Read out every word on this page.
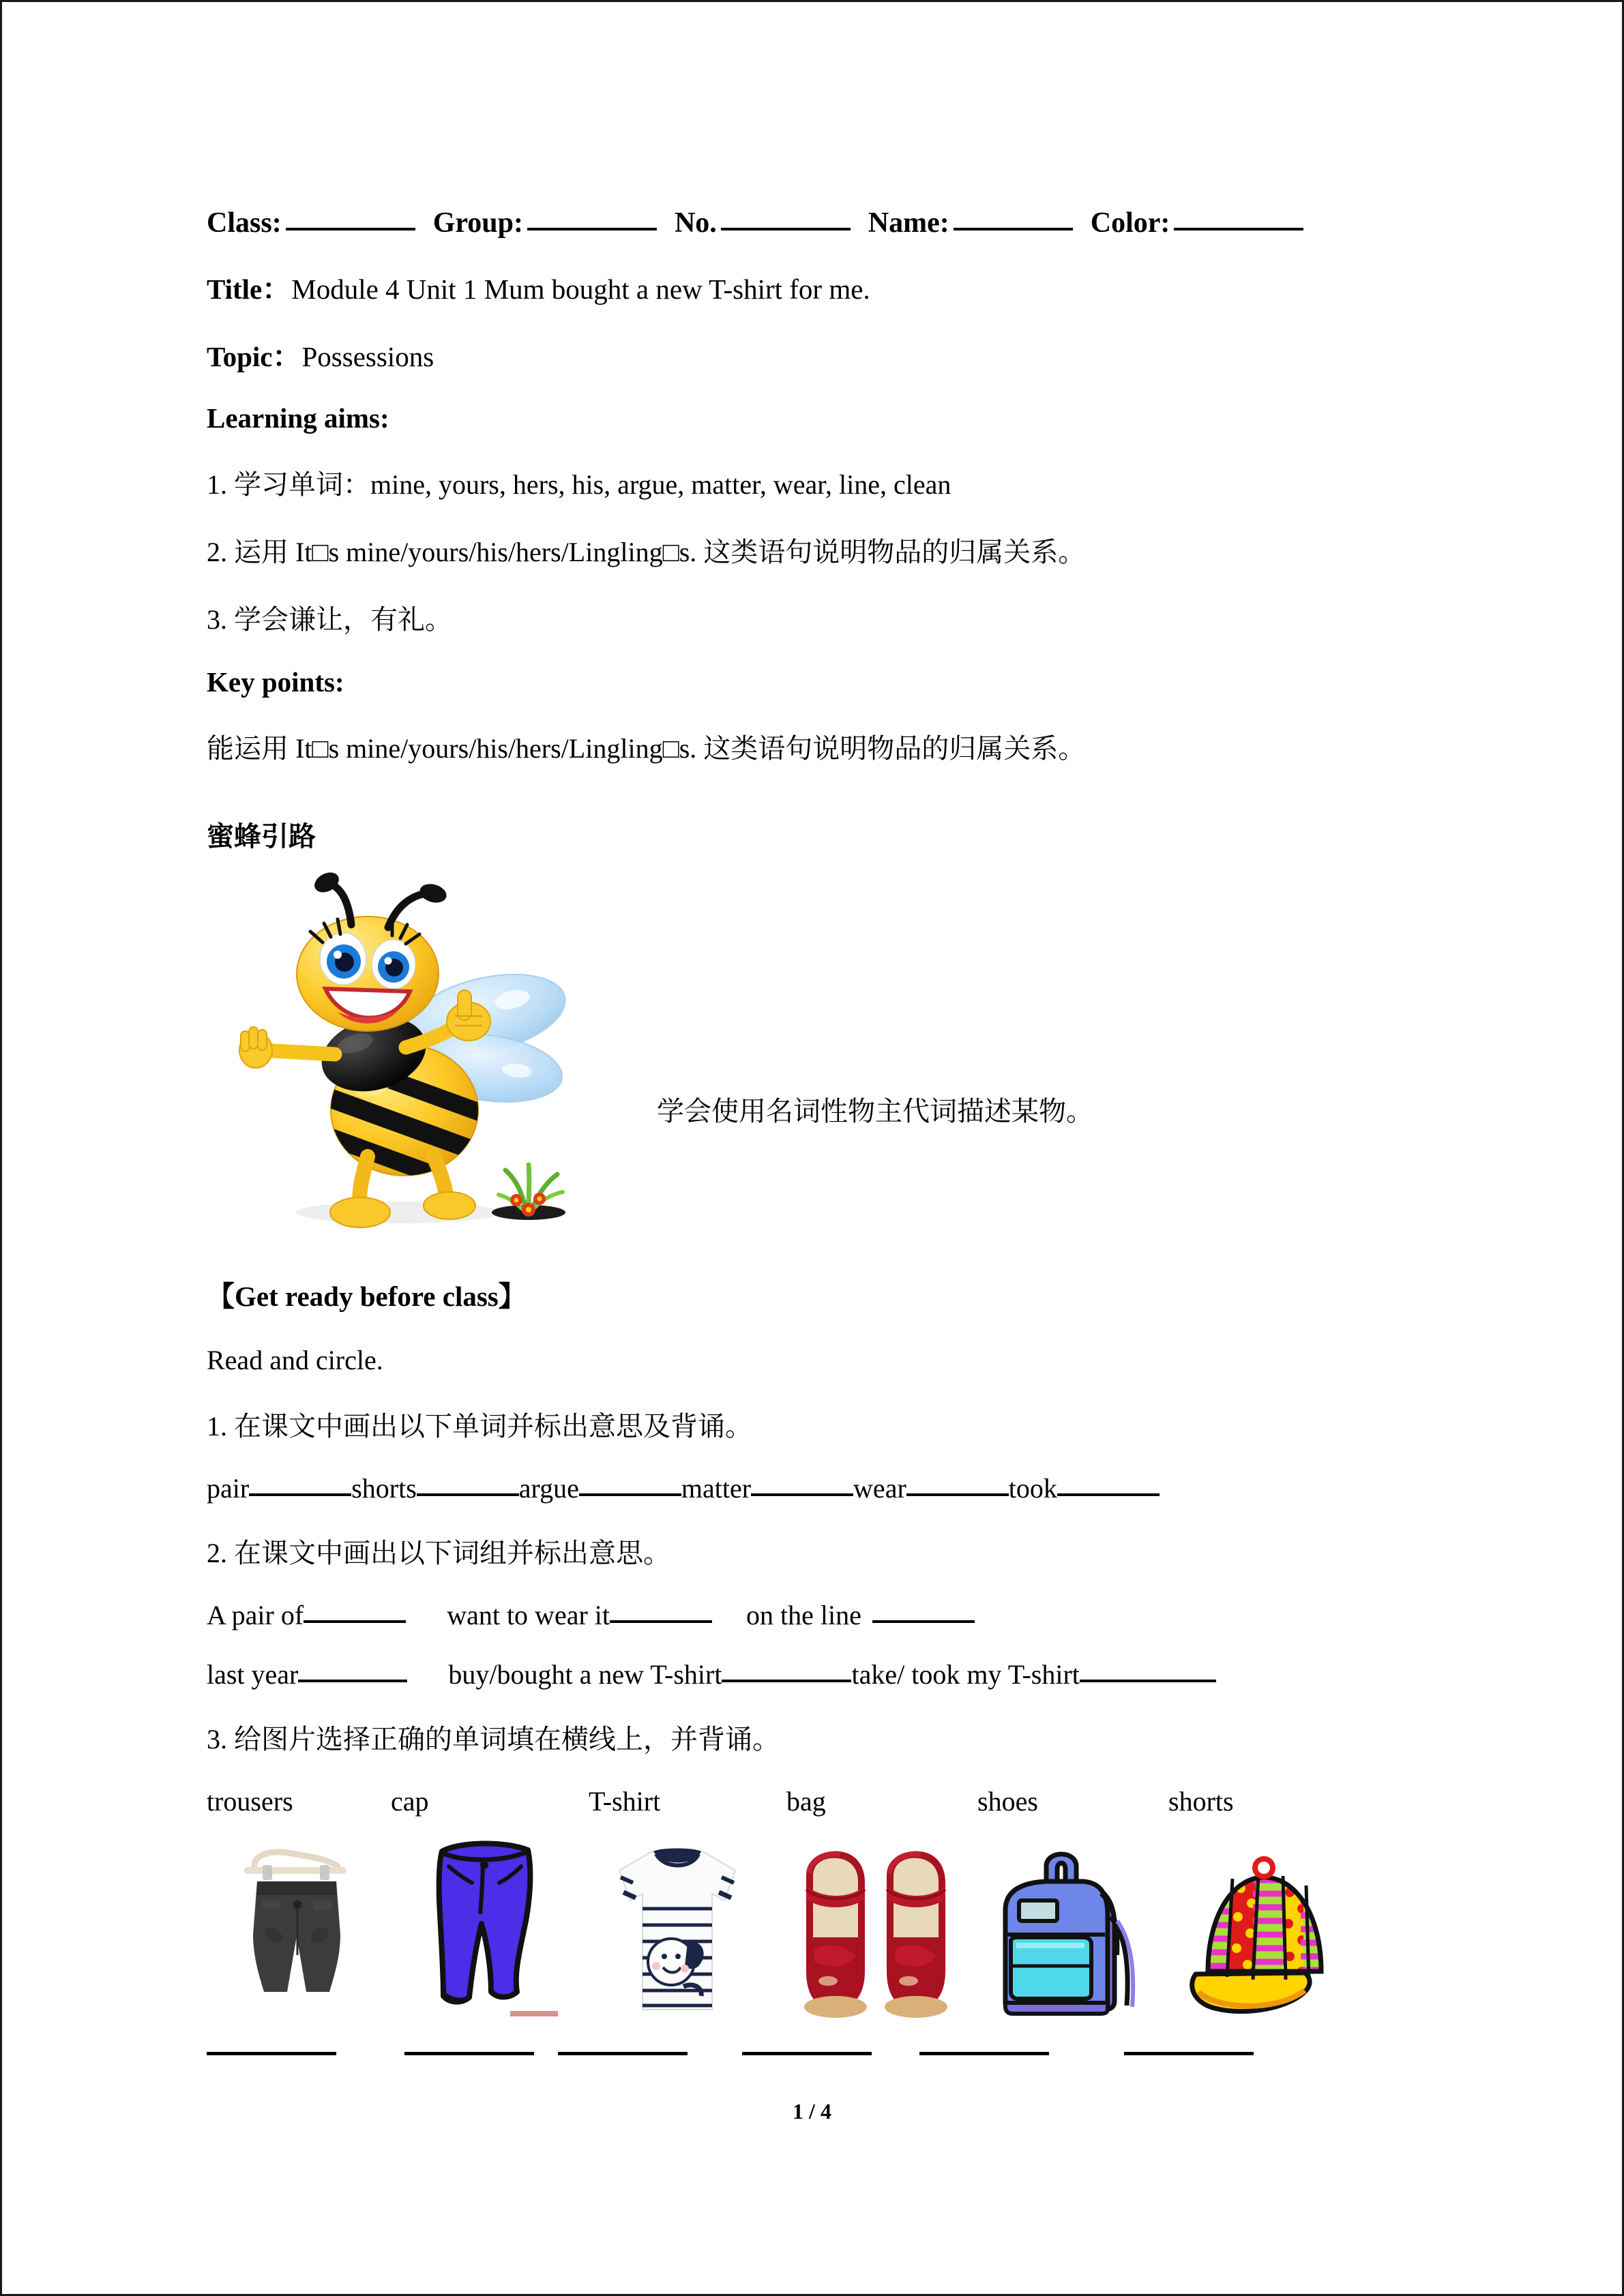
Class:	Group:	No.	Name:	Color:
Title： Module 4 Unit 1 Mum bought a new T-shirt for me.
Topic： Possessions
Learning aims:
1. 学习单词：mine, yours, hers, his, argue, matter, wear, line, clean
2. 运用 It□s mine/yours/his/hers/Lingling□s. 这类语句说明物品的归属关系。
3. 学会谦让，有礼。
Key points:
能运用 It□s mine/yours/his/hers/Lingling□s. 这类语句说明物品的归属关系。
蜜蜂引路
学会使用名词性物主代词描述某物。
【Get ready before class】
Read and circle.
1. 在课文中画出以下单词并标出意思及背诵。
pair	shorts	argue	matter	wear	took
2. 在课文中画出以下词组并标出意思。
A pair of	want to wear it	on the line
last year	buy/bought a new T-shirt	take/ took my T-shirt
3. 给图片选择正确的单词填在横线上，并背诵。
trousers	cap	T-shirt	bag	shoes	shorts
1 / 4
